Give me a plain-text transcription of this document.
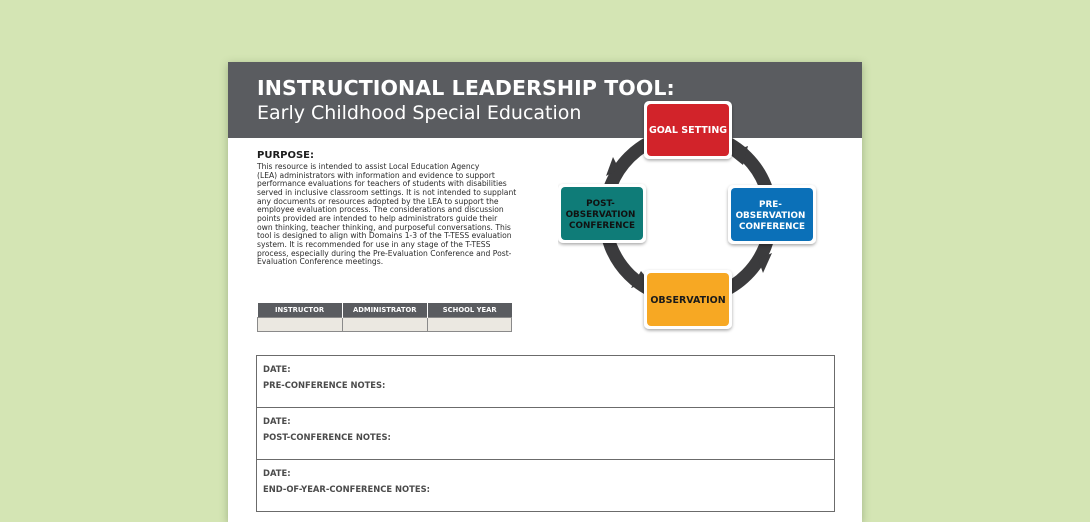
INSTRUCTIONAL LEADERSHIP TOOL:
Early Childhood Special Education
PURPOSE:
This resource is intended to assist Local Education Agency
(LEA) administrators with information and evidence to support
performance evaluations for teachers of students with disabilities
served in inclusive classroom settings. It is not intended to supplant
any documents or resources adopted by the LEA to support the
employee evaluation process. The considerations and discussion
points provided are intended to help administrators guide their
own thinking, teacher thinking, and purposeful conversations. This
tool is designed to align with Domains 1-3 of the T-TESS evaluation
system. It is recommended for use in any stage of the T-TESS
process, especially during the Pre-Evaluation Conference and Post-
Evaluation Conference meetings.
INSTRUCTOR	ADMINISTRATOR	SCHOOL YEAR

GOAL SETTING
PRE- OBSERVATION CONFERENCE
OBSERVATION
POST- OBSERVATION CONFERENCE
DATE:
PRE-CONFERENCE NOTES:
DATE:
POST-CONFERENCE NOTES:
DATE:
END-OF-YEAR-CONFERENCE NOTES:
